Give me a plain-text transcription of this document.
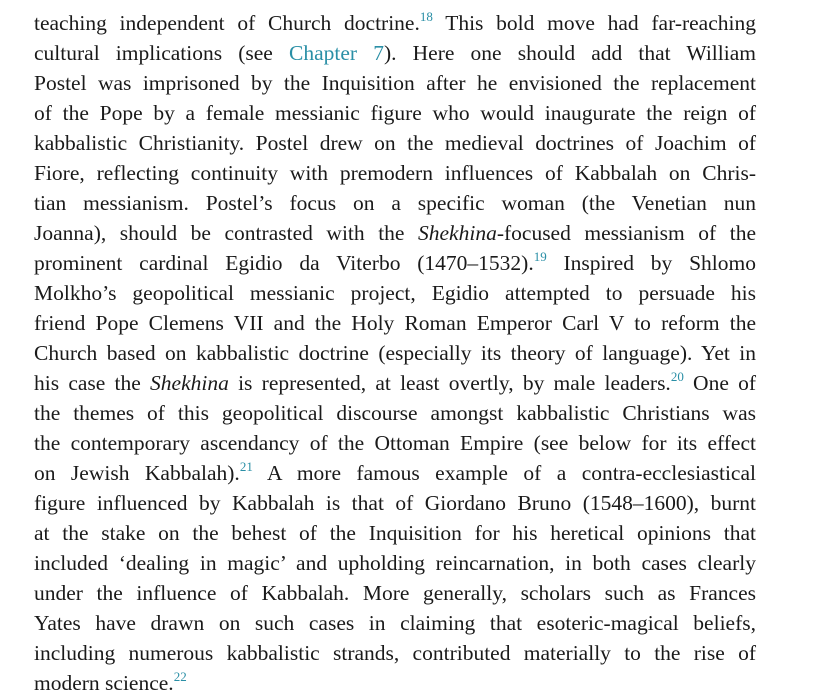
teaching independent of Church doctrine.$^{18}$ This bold move had far-reaching
cultural implications (see Chapter 7). Here one should add that William
Postel was imprisoned by the Inquisition after he envisioned the replacement
of the Pope by a female messianic figure who would inaugurate the reign of
kabbalistic Christianity. Postel drew on the medieval doctrines of Joachim of
Fiore, reflecting continuity with premodern influences of Kabbalah on Chris-
tian messianism. Postel’s focus on a specific woman (the Venetian nun
Joanna), should be contrasted with the Shekhina-focused messianism of the
prominent cardinal Egidio da Viterbo (1470–1532).$^{19}$ Inspired by Shlomo
Molkho’s geopolitical messianic project, Egidio attempted to persuade his
friend Pope Clemens VII and the Holy Roman Emperor Carl V to reform the
Church based on kabbalistic doctrine (especially its theory of language). Yet in
his case the Shekhina is represented, at least overtly, by male leaders.$^{20}$ One of
the themes of this geopolitical discourse amongst kabbalistic Christians was
the contemporary ascendancy of the Ottoman Empire (see below for its effect
on Jewish Kabbalah).$^{21}$ A more famous example of a contra-ecclesiastical
figure influenced by Kabbalah is that of Giordano Bruno (1548–1600), burnt
at the stake on the behest of the Inquisition for his heretical opinions that
included ‘dealing in magic’ and upholding reincarnation, in both cases clearly
under the influence of Kabbalah. More generally, scholars such as Frances
Yates have drawn on such cases in claiming that esoteric-magical beliefs,
including numerous kabbalistic strands, contributed materially to the rise of
modern science.$^{22}$
